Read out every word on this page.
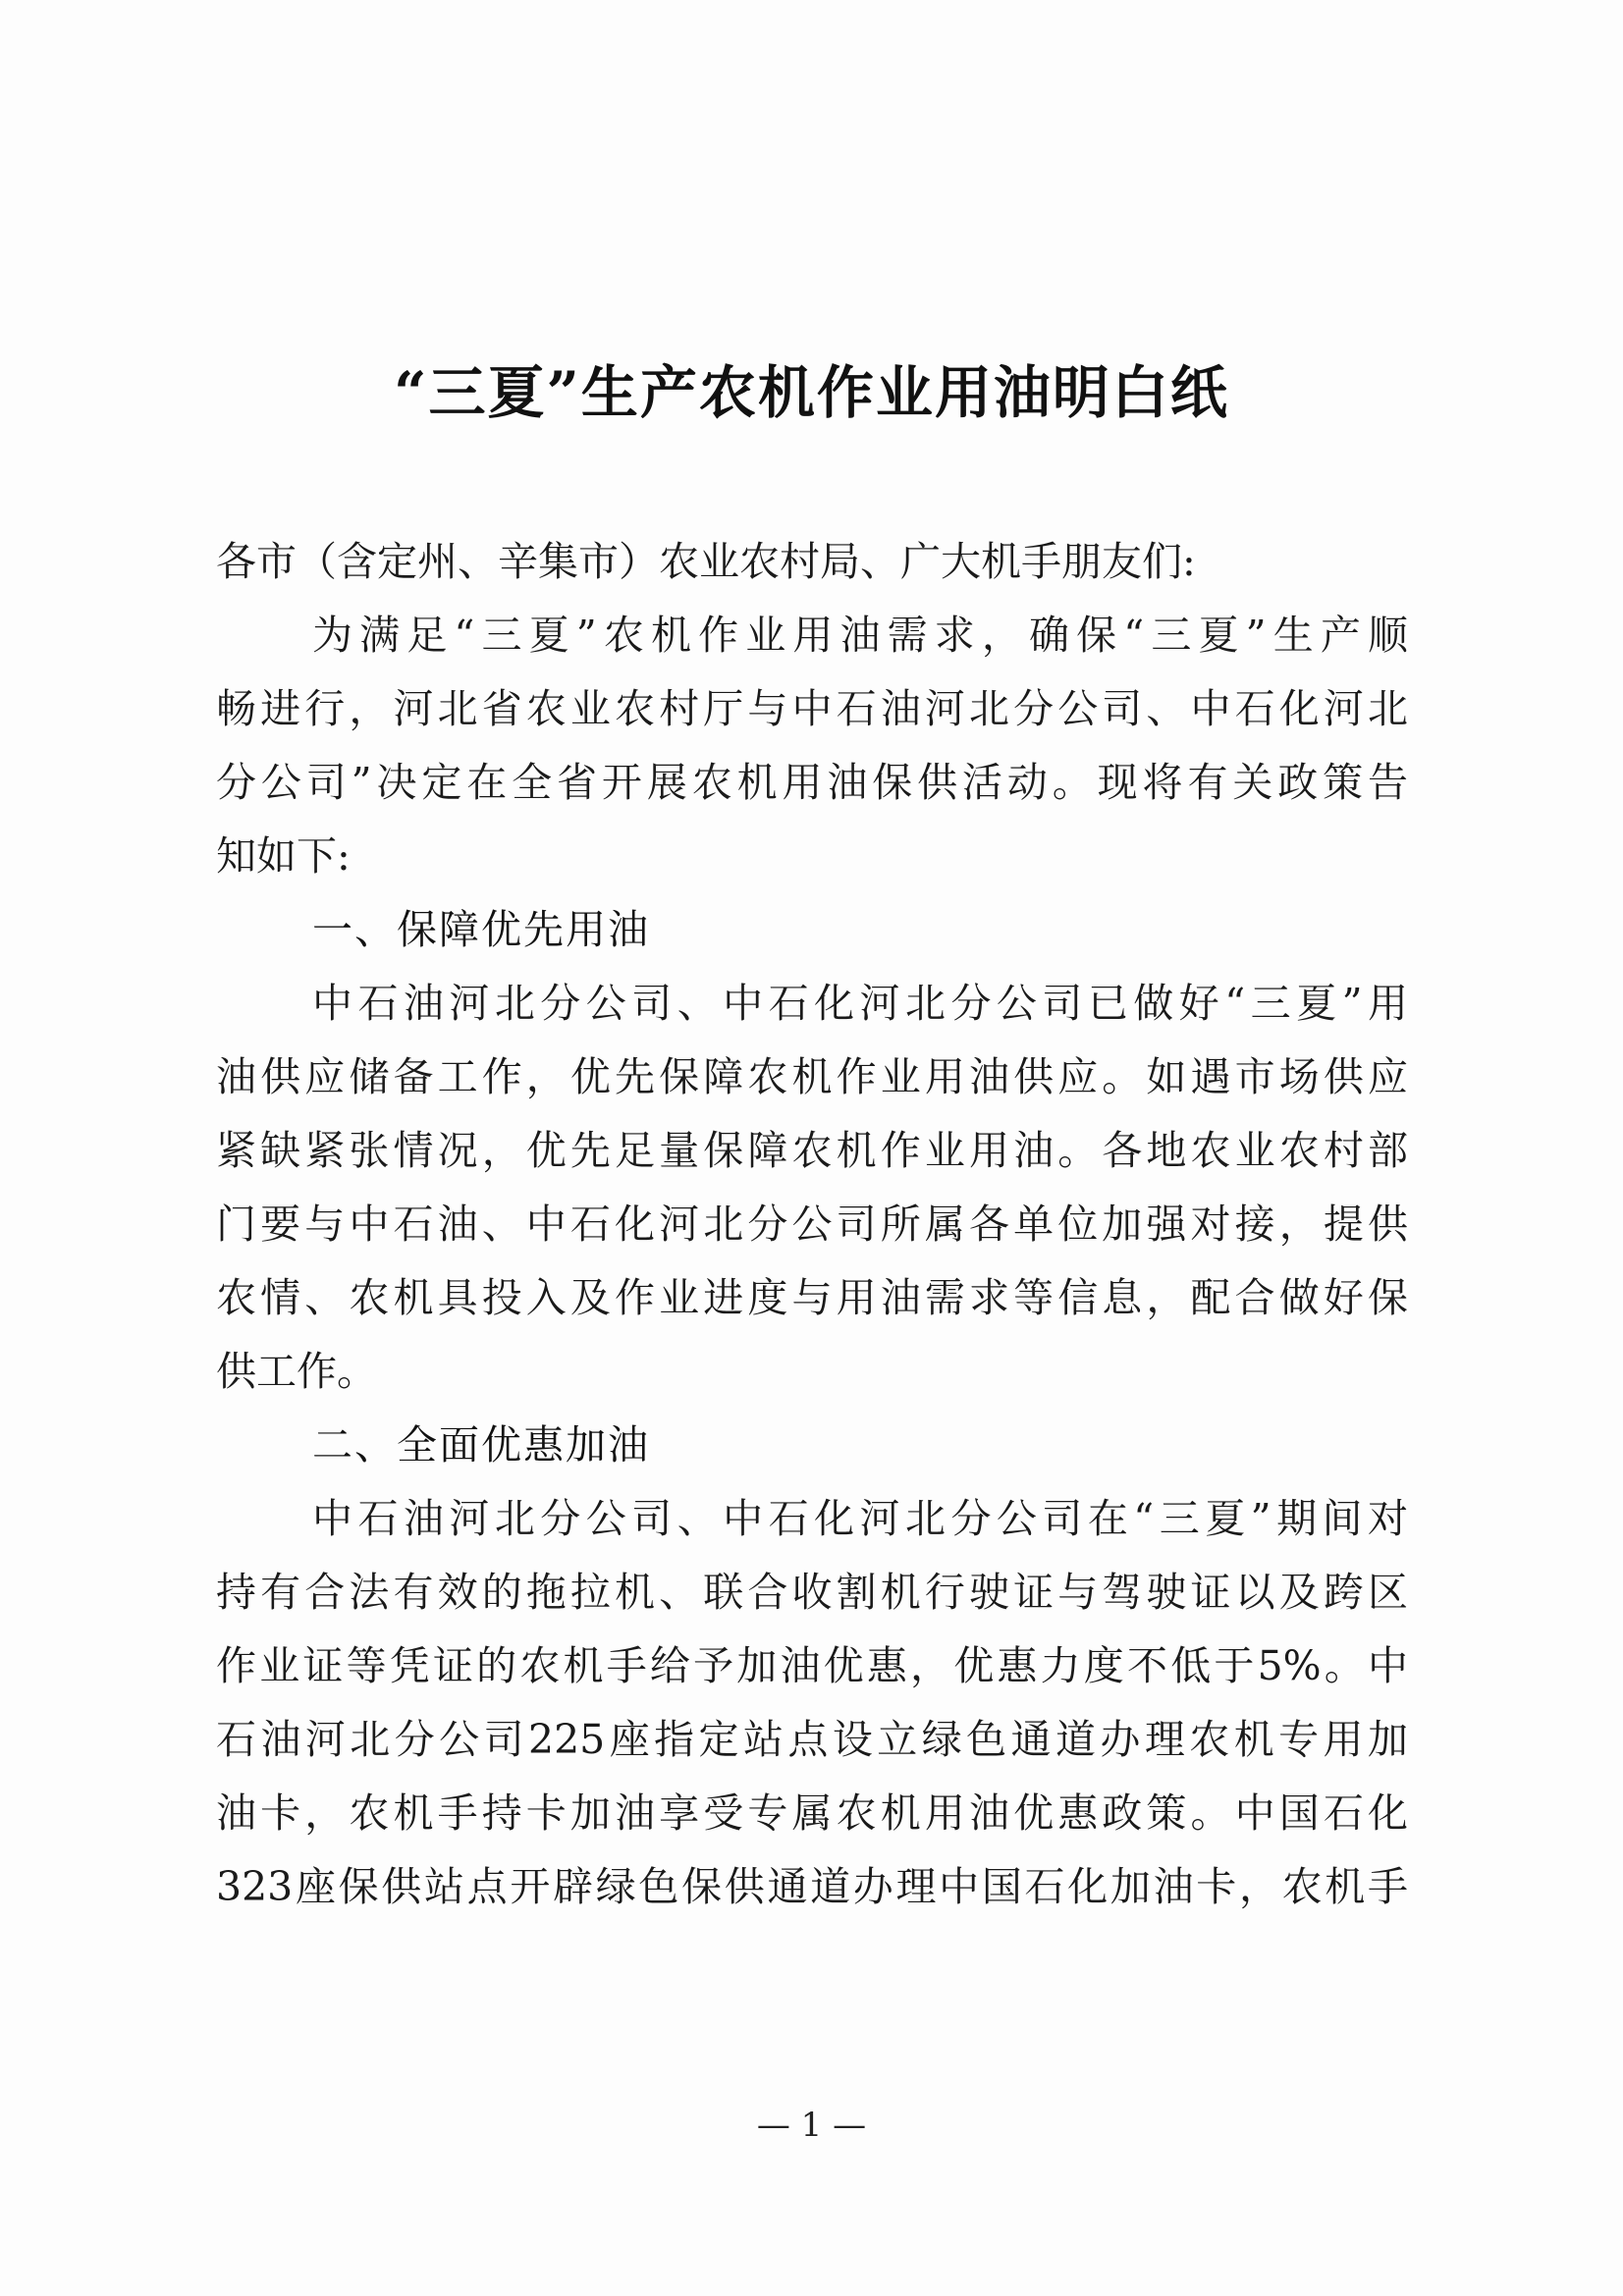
“三夏”生产农机作业用油明白纸
各市（含定州、辛集市）农业农村局、广大机手朋友们:
为满足“三夏”农机作业用油需求，确保“三夏”生产顺
畅进行，河北省农业农村厅与中石油河北分公司、中石化河北
分公司”决定在全省开展农机用油保供活动。现将有关政策告
知如下:
一、保障优先用油
中石油河北分公司、中石化河北分公司已做好“三夏”用
油供应储备工作，优先保障农机作业用油供应。如遇市场供应
紧缺紧张情况，优先足量保障农机作业用油。各地农业农村部
门要与中石油、中石化河北分公司所属各单位加强对接，提供
农情、农机具投入及作业进度与用油需求等信息，配合做好保
供工作。
二、全面优惠加油
中石油河北分公司、中石化河北分公司在“三夏”期间对
持有合法有效的拖拉机、联合收割机行驶证与驾驶证以及跨区
作业证等凭证的农机手给予加油优惠，优惠力度不低于5%。中
石油河北分公司225座指定站点设立绿色通道办理农机专用加
油卡，农机手持卡加油享受专属农机用油优惠政策。中国石化
323座保供站点开辟绿色保供通道办理中国石化加油卡，农机手
— 1 —
